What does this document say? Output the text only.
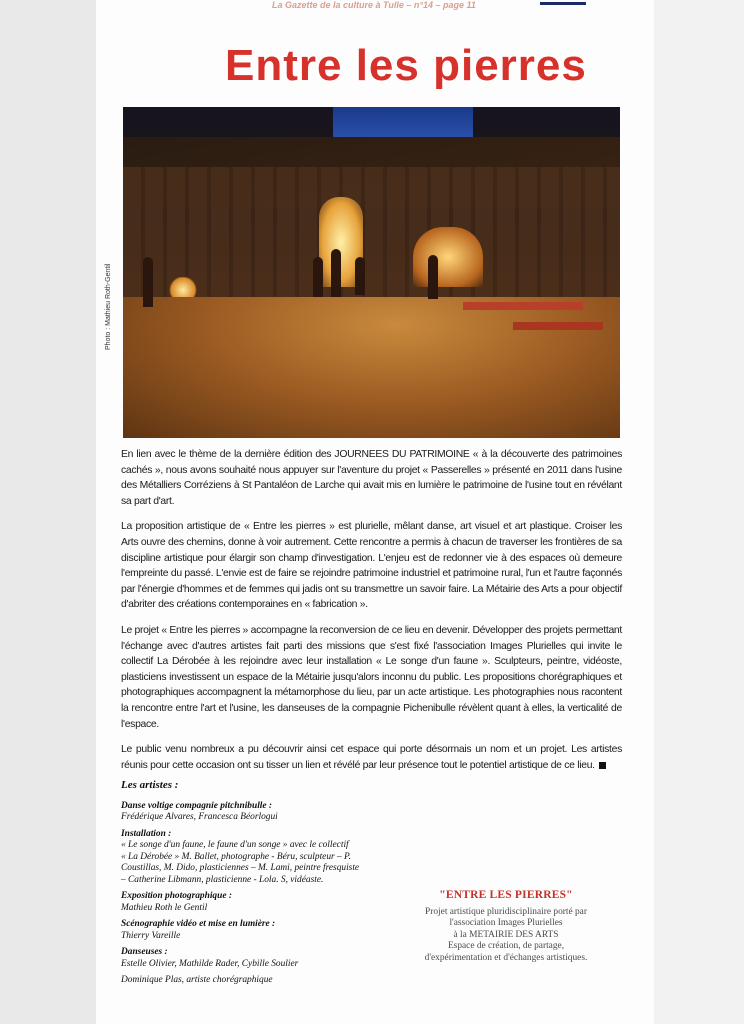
La Gazette de la culture à Tulle – n°14 – page 11
Entre les pierres
Photo : Mathieu Roth-Gentil

En lien avec le thème de la dernière édition des JOURNEES DU PATRIMOINE « à la découverte des patrimoines cachés », nous avons souhaité nous appuyer sur l'aventure du projet « Passerelles » présenté en 2011 dans l'usine des Métalliers Corréziens à St Pantaléon de Larche qui avait mis en lumière le patrimoine de l'usine tout en révélant sa part d'art.

La proposition artistique de « Entre les pierres » est plurielle, mêlant danse, art visuel et art plastique. Croiser les Arts ouvre des chemins, donne à voir autrement. Cette rencontre a permis à chacun de traverser les frontières de sa discipline artistique pour élargir son champ d'investigation. L'enjeu est de redonner vie à des espaces où demeure l'empreinte du passé. L'envie est de faire se rejoindre patrimoine industriel et patrimoine rural, l'un et l'autre façonnés par l'énergie d'hommes et de femmes qui jadis ont su transmettre un savoir faire. La Métairie des Arts a pour objectif d'abriter des créations contemporaines en « fabrication ».

Le projet « Entre les pierres » accompagne la reconversion de ce lieu en devenir. Développer des projets permettant l'échange avec d'autres artistes fait parti des missions que s'est fixé l'association Images Plurielles qui invite le collectif La Dérobée à les rejoindre avec leur installation « Le songe d'un faune ». Sculpteurs, peintre, vidéoste, plasticiens investissent un espace de la Métairie jusqu'alors inconnu du public. Les propositions chorégraphiques et photographiques accompagnent la métamorphose du lieu, par un acte artistique. Les photographies nous racontent la rencontre entre l'art et l'usine, les danseuses de la compagnie Pichenibulle révèlent quant à elles, la verticalité de l'espace.

Le public venu nombreux a pu découvrir ainsi cet espace qui porte désormais un nom et un projet. Les artistes réunis pour cette occasion ont su tisser un lien et révélé par leur présence tout le potentiel artistique de ce lieu.

Les artistes :
Danse voltige compagnie pitchnibulle :
Frédérique Alvares, Francesca Béorlogui
Installation :
« Le songe d'un faune, le faune d'un songe » avec le collectif
« La Dérobée » M. Ballet, photographe - Béru, sculpteur – P.
Coustillas, M. Dido, plasticiennes – M. Lami, peintre fresquiste
– Catherine Libmann, plasticienne - Lola. S, vidéaste.
Exposition photographique :
Mathieu Roth le Gentil
Scénographie vidéo et mise en lumière :
Thierry Vareille
Danseuses :
Estelle Olivier, Mathilde Rader, Cybille Soulier
Dominique Plas, artiste chorégraphique
"ENTRE LES PIERRES"
Projet artistique pluridisciplinaire porté par
l'association Images Plurielles
à la METAIRIE DES ARTS
Espace de création, de partage,
d'expérimentation et d'échanges artistiques.
